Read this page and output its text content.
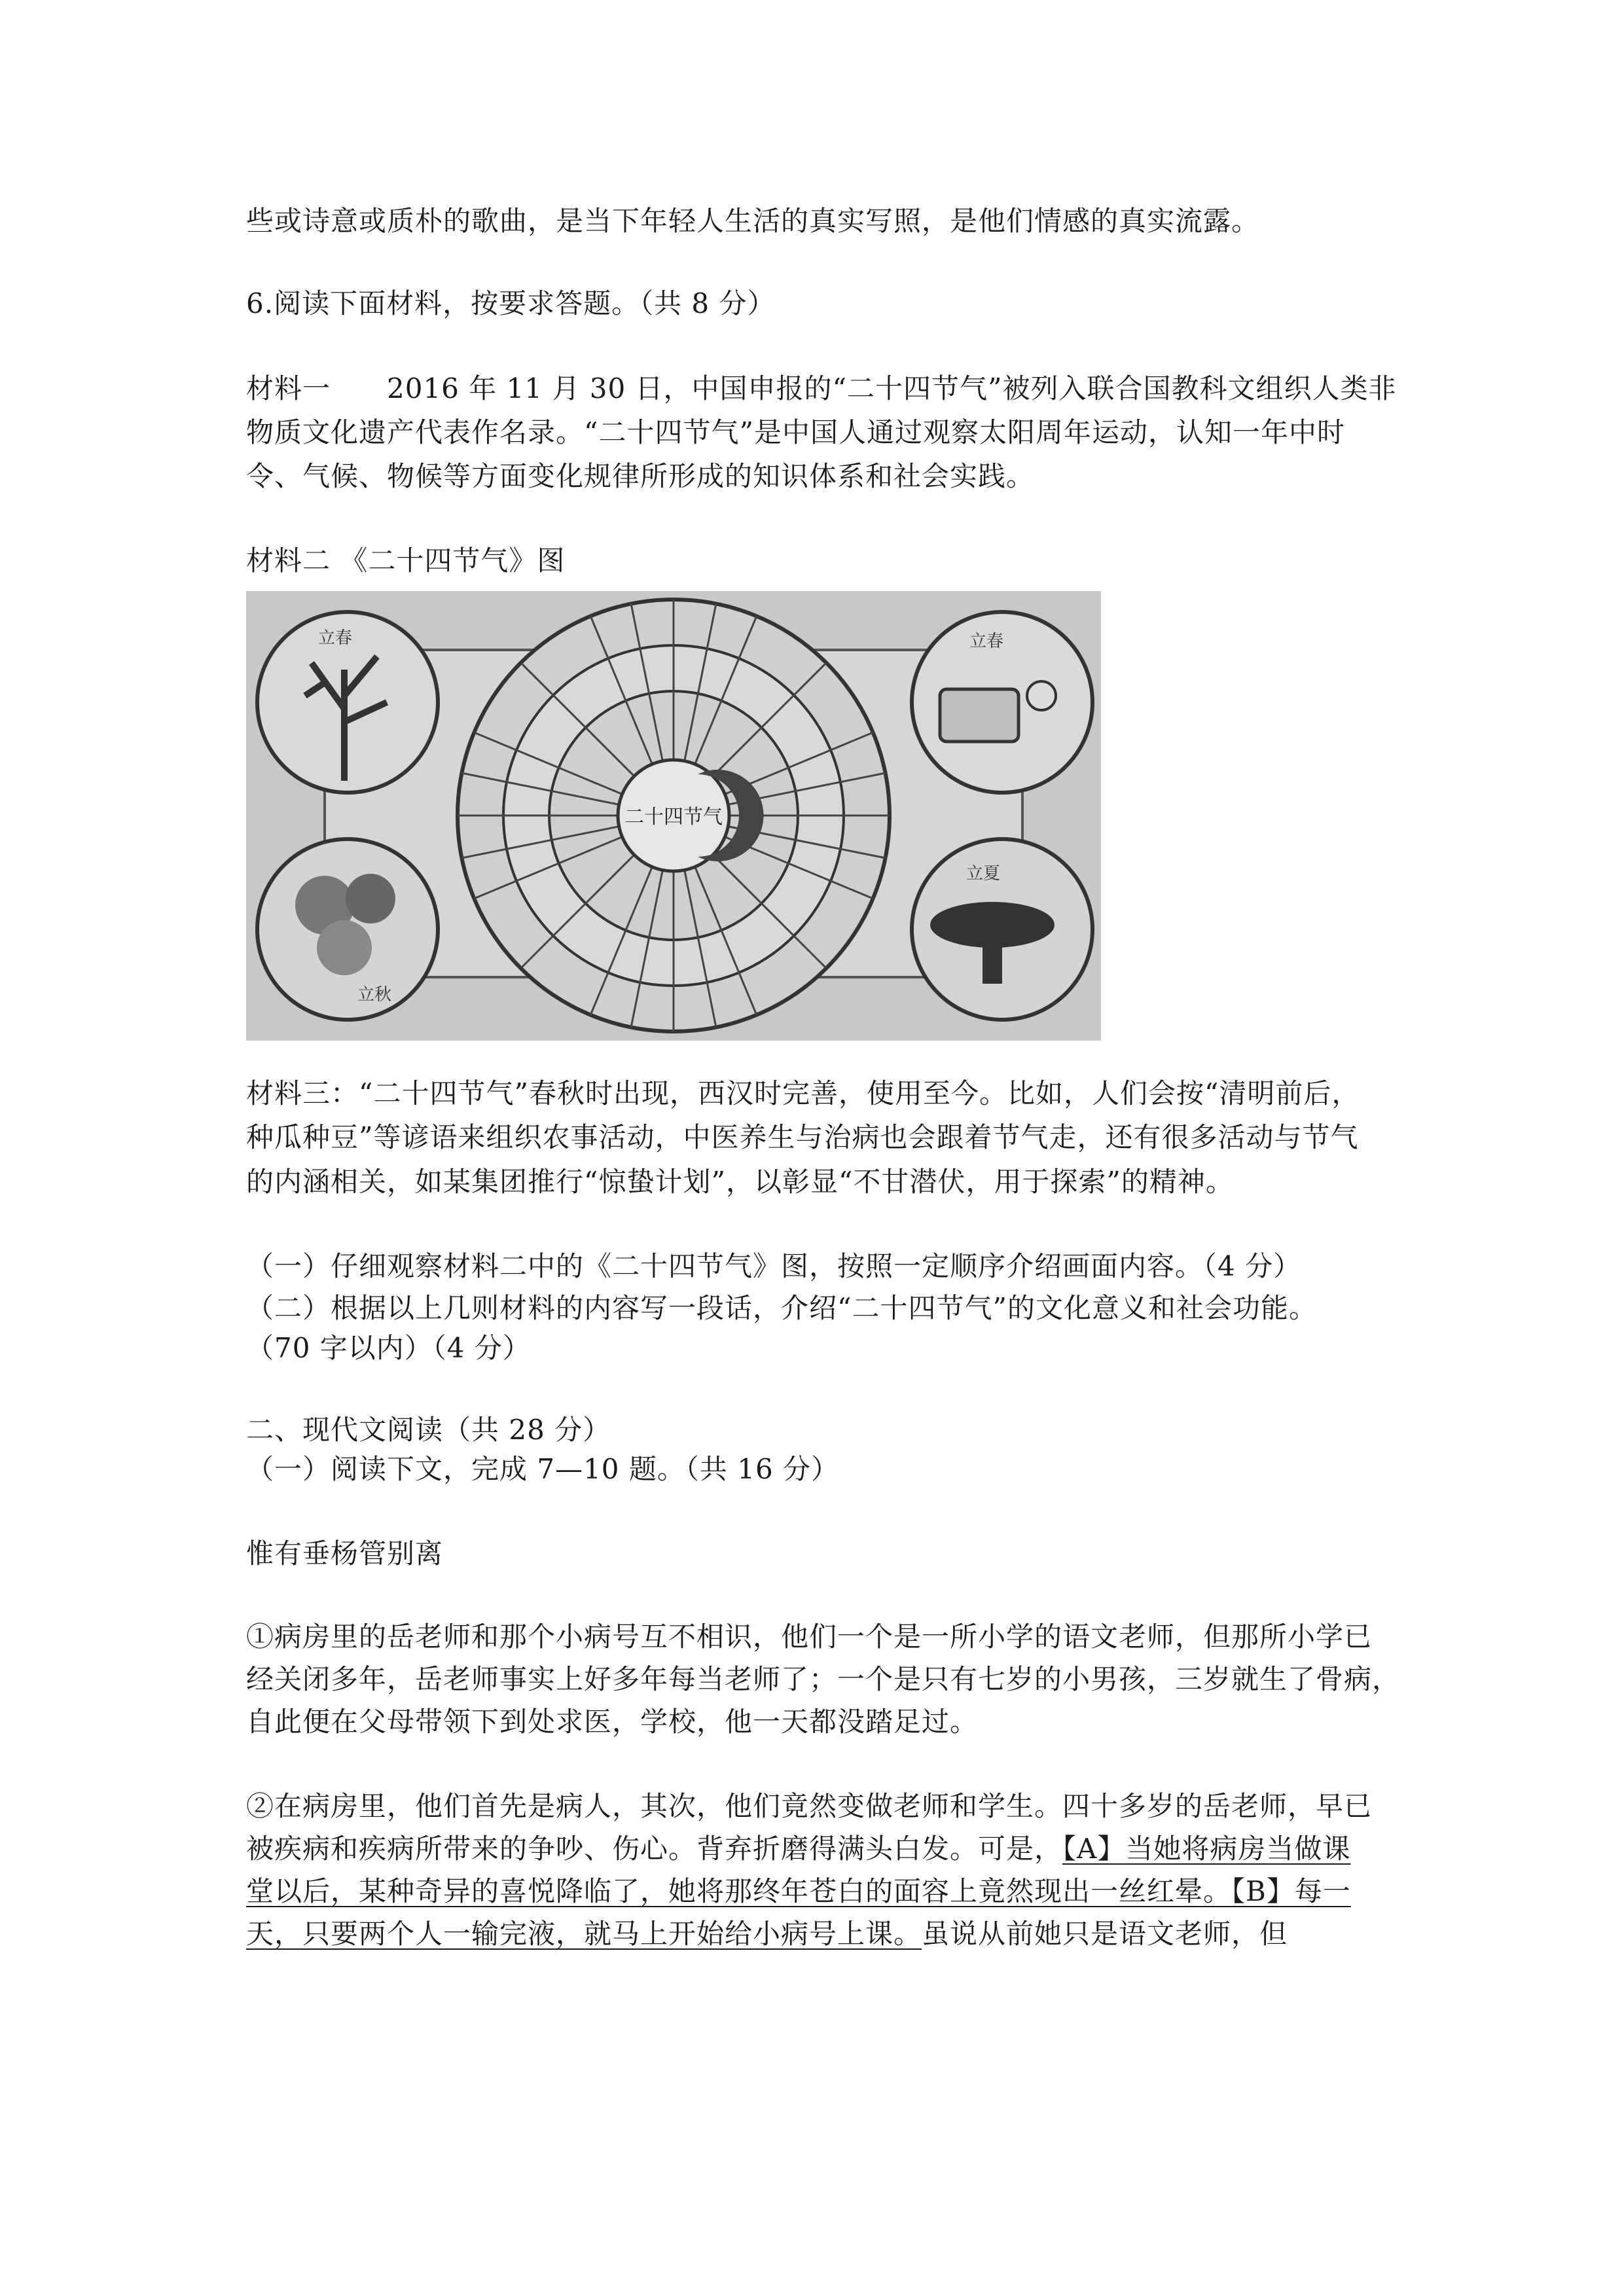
些或诗意或质朴的歌曲，是当下年轻人生活的真实写照，是他们情感的真实流露。
6.阅读下面材料，按要求答题。（共 8 分）
材料一　　2016 年 11 月 30 日，中国申报的“二十四节气”被列入联合国教科文组织人类非
物质文化遗产代表作名录。“二十四节气”是中国人通过观察太阳周年运动，认知一年中时
令、气候、物候等方面变化规律所形成的知识体系和社会实践。
材料二 《二十四节气》图
立春
立秋
立春
立夏
二十四节气
材料三：“二十四节气”春秋时出现，西汉时完善，使用至今。比如，人们会按“清明前后，
种瓜种豆”等谚语来组织农事活动，中医养生与治病也会跟着节气走，还有很多活动与节气
的内涵相关，如某集团推行“惊蛰计划”，以彰显“不甘潜伏，用于探索”的精神。
（一）仔细观察材料二中的《二十四节气》图，按照一定顺序介绍画面内容。（4 分）
（二）根据以上几则材料的内容写一段话，介绍“二十四节气”的文化意义和社会功能。
（70 字以内）（4 分）
二、现代文阅读（共 28 分）
（一）阅读下文，完成 7—10 题。（共 16 分）
惟有垂杨管别离
①病房里的岳老师和那个小病号互不相识，他们一个是一所小学的语文老师，但那所小学已
经关闭多年，岳老师事实上好多年每当老师了；一个是只有七岁的小男孩，三岁就生了骨病，
自此便在父母带领下到处求医，学校，他一天都没踏足过。
②在病房里，他们首先是病人，其次，他们竟然变做老师和学生。四十多岁的岳老师，早已
被疾病和疾病所带来的争吵、伤心。背弃折磨得满头白发。可是，【A】当她将病房当做课
堂以后，某种奇异的喜悦降临了，她将那终年苍白的面容上竟然现出一丝红晕。【B】每一
天，只要两个人一输完液，就马上开始给小病号上课。虽说从前她只是语文老师，但
